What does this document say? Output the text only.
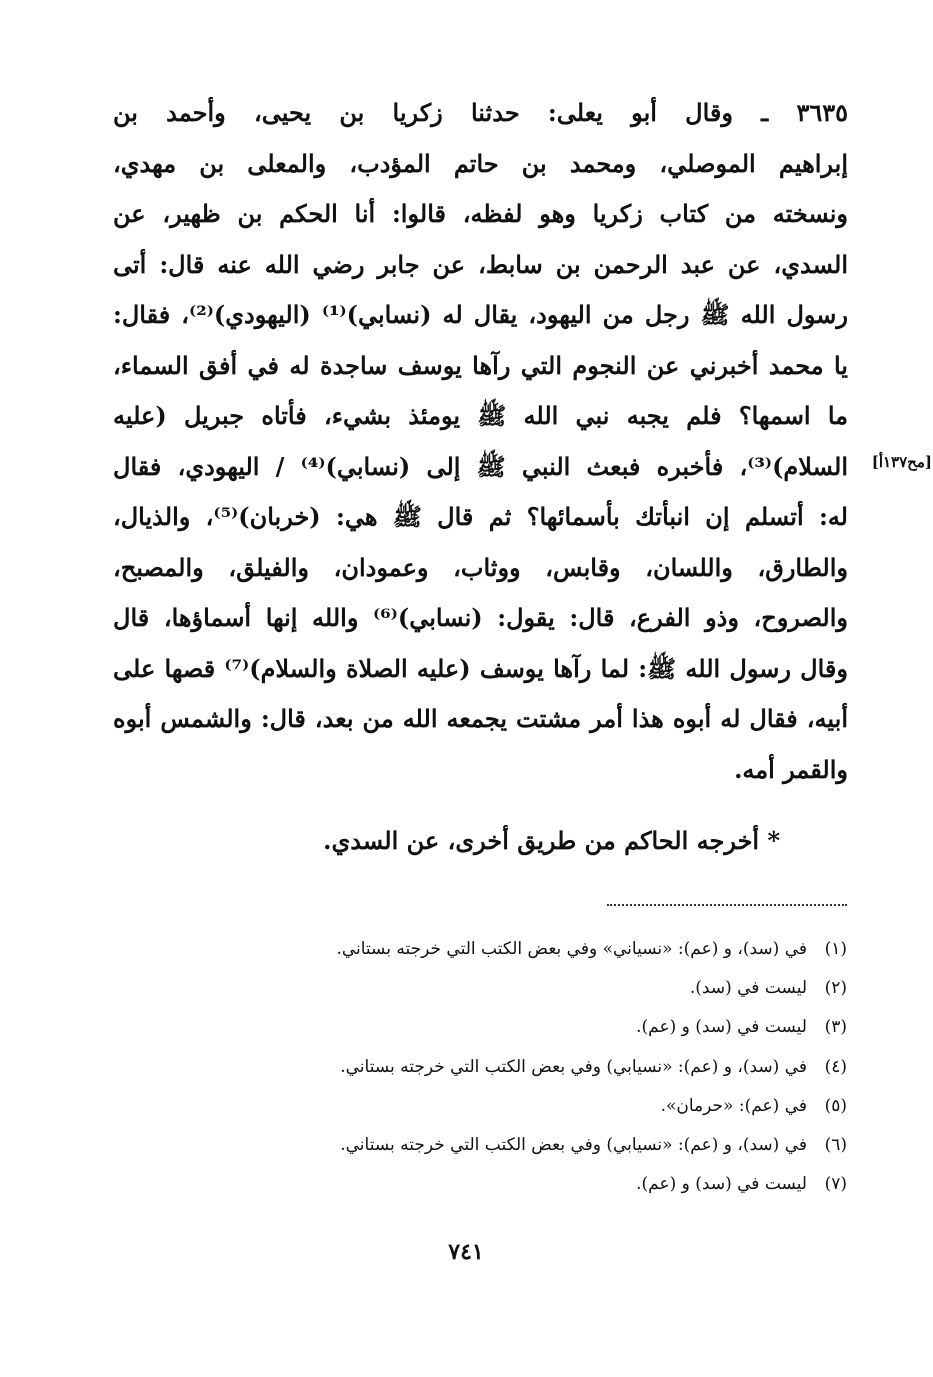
٣٦٣٥ ـ وقال أبو يعلى: حدثنا زكريا بن يحيى، وأحمد بن
إبراهيم الموصلي، ومحمد بن حاتم المؤدب، والمعلى بن مهدي،
ونسخته من كتاب زكريا وهو لفظه، قالوا: أنا الحكم بن ظهير، عن
السدي، عن عبد الرحمن بن سابط، عن جابر رضي الله عنه قال: أتى
رسول الله ﷺ رجل من اليهود، يقال له (نسابي)⁽¹⁾ (اليهودي)⁽²⁾، فقال:
يا محمد أخبرني عن النجوم التي رآها يوسف ساجدة له في أفق السماء،
ما اسمها؟ فلم يجبه نبي الله ﷺ يومئذ بشيء، فأتاه جبريل (عليه
السلام)⁽³⁾، فأخبره فبعث النبي ﷺ إلى (نسابي)⁽⁴⁾ / اليهودي، فقال
له: أتسلم إن انبأتك بأسمائها؟ ثم قال ﷺ هي: (خربان)⁽⁵⁾، والذيال،
والطارق، واللسان، وقابس، ووثاب، وعمودان، والفيلق، والمصبح،
والصروح، وذو الفرع، قال: يقول: (نسابي)⁽⁶⁾ والله إنها أسماؤها، قال
وقال رسول الله ﷺ: لما رآها يوسف (عليه الصلاة والسلام)⁽⁷⁾ قصها على
أبيه، فقال له أبوه هذا أمر مشتت يجمعه الله من بعد، قال: والشمس أبوه
والقمر أمه.
[مح١٣٧أ]
* أخرجه الحاكم من طريق أخرى، عن السدي.
(١)في (سد)، و (عم): «نسياني» وفي بعض الكتب التي خرجته بستاني.
(٢)ليست في (سد).
(٣)ليست في (سد) و (عم).
(٤)في (سد)، و (عم): «نسيابي) وفي بعض الكتب التي خرجته بستاني.
(٥)في (عم): «حرمان».
(٦)في (سد)، و (عم): «نسيابي) وفي بعض الكتب التي خرجته بستاني.
(٧)ليست في (سد) و (عم).
٧٤١
